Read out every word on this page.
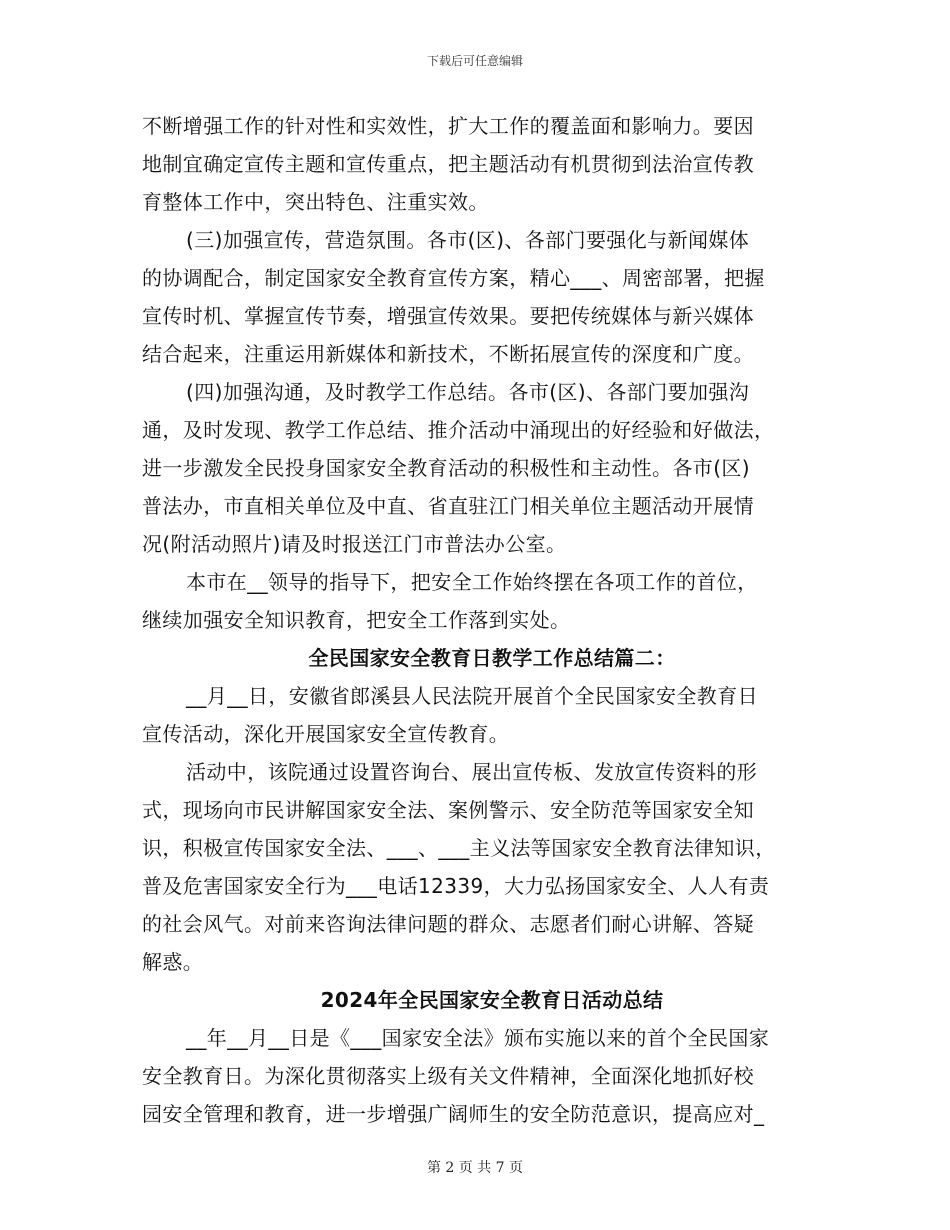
下载后可任意编辑

不断增强工作的针对性和实效性，扩大工作的覆盖面和影响力。要因

地制宜确定宣传主题和宣传重点，把主题活动有机贯彻到法治宣传教

育整体工作中，突出特色、注重实效。

(三)加强宣传，营造氛围。各市(区)、各部门要强化与新闻媒体

的协调配合，制定国家安全教育宣传方案，精心___、周密部署，把握

宣传时机、掌握宣传节奏，增强宣传效果。要把传统媒体与新兴媒体

结合起来，注重运用新媒体和新技术，不断拓展宣传的深度和广度。

(四)加强沟通，及时教学工作总结。各市(区)、各部门要加强沟

通，及时发现、教学工作总结、推介活动中涌现出的好经验和好做法，

进一步激发全民投身国家安全教育活动的积极性和主动性。各市(区)

普法办，市直相关单位及中直、省直驻江门相关单位主题活动开展情

况(附活动照片)请及时报送江门市普法办公室。

本市在__领导的指导下，把安全工作始终摆在各项工作的首位，

继续加强安全知识教育，把安全工作落到实处。

全民国家安全教育日教学工作总结篇二：

__月__日，安徽省郎溪县人民法院开展首个全民国家安全教育日

宣传活动，深化开展国家安全宣传教育。

活动中，该院通过设置咨询台、展出宣传板、发放宣传资料的形

式，现场向市民讲解国家安全法、案例警示、安全防范等国家安全知

识，积极宣传国家安全法、___、___主义法等国家安全教育法律知识，

普及危害国家安全行为___电话12339，大力弘扬国家安全、人人有责

的社会风气。对前来咨询法律问题的群众、志愿者们耐心讲解、答疑

解惑。

2024年全民国家安全教育日活动总结

__年__月__日是《___国家安全法》颁布实施以来的首个全民国家

安全教育日。为深化贯彻落实上级有关文件精神，全面深化地抓好校

园安全管理和教育，进一步增强广阔师生的安全防范意识，提高应对_

第 2 页 共 7 页
